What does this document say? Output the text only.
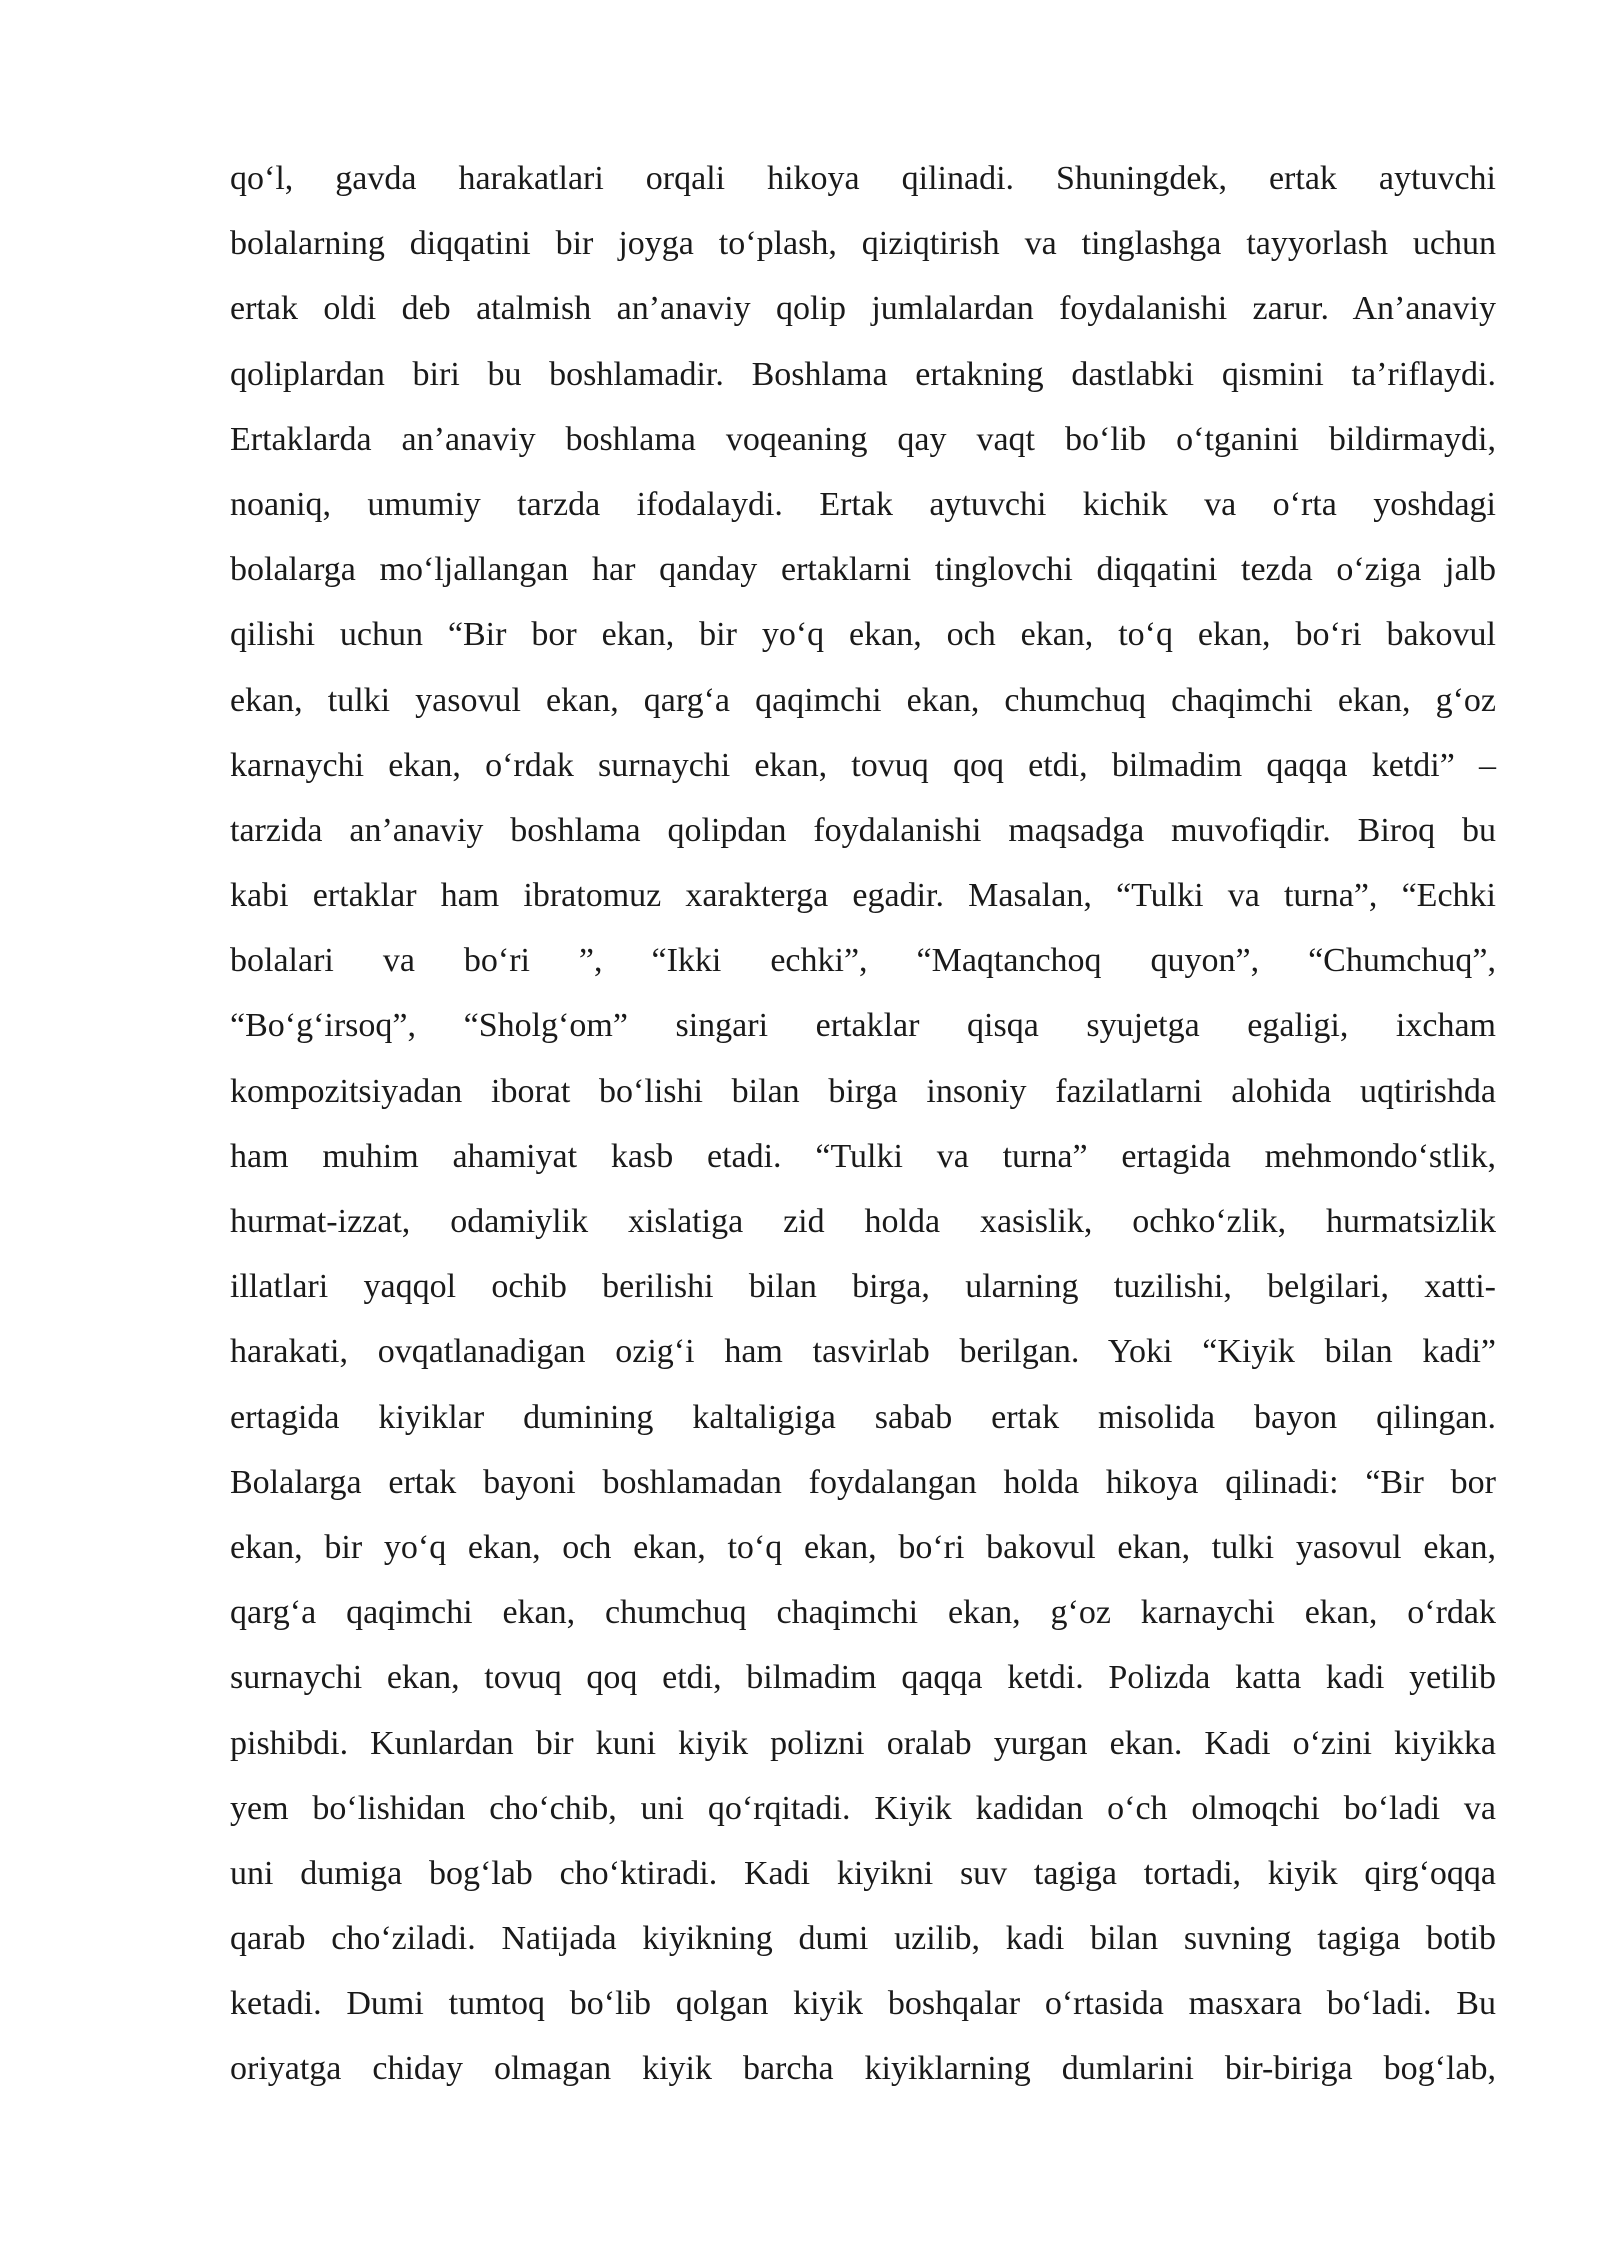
qo‘l, gavda harakatlari orqali hikoya qilinadi. Shuningdek, ertak aytuvchi
bolalarning diqqatini bir joyga to‘plash, qiziqtirish va tinglashga tayyorlash uchun
ertak oldi deb atalmish an’anaviy qolip jumlalardan foydalanishi zarur. An’anaviy
qoliplardan biri bu boshlamadir. Boshlama ertakning dastlabki qismini ta’riflaydi.
Ertaklarda an’anaviy boshlama voqeaning qay vaqt bo‘lib o‘tganini bildirmaydi,
noaniq, umumiy tarzda ifodalaydi. Ertak aytuvchi kichik va o‘rta yoshdagi
bolalarga mo‘ljallangan har qanday ertaklarni tinglovchi diqqatini tezda o‘ziga jalb
qilishi uchun “Bir bor ekan, bir yo‘q ekan, och ekan, to‘q ekan, bo‘ri bakovul
ekan, tulki yasovul ekan, qarg‘a qaqimchi ekan, chumchuq chaqimchi ekan, g‘oz
karnaychi ekan, o‘rdak surnaychi ekan, tovuq qoq etdi, bilmadim qaqqa ketdi” –
tarzida an’anaviy boshlama qolipdan foydalanishi maqsadga muvofiqdir. Biroq bu
kabi ertaklar ham ibratomuz xarakterga egadir. Masalan, “Tulki va turna”, “Echki
bolalari va bo‘ri ”, “Ikki echki”, “Maqtanchoq quyon”, “Chumchuq”,
“Bo‘g‘irsoq”, “Sholg‘om” singari ertaklar qisqa syujetga egaligi, ixcham
kompozitsiyadan iborat bo‘lishi bilan birga insoniy fazilatlarni alohida uqtirishda
ham muhim ahamiyat kasb etadi. “Tulki va turna” ertagida mehmondo‘stlik,
hurmat-izzat, odamiylik xislatiga zid holda xasislik, ochko‘zlik, hurmatsizlik
illatlari yaqqol ochib berilishi bilan birga, ularning tuzilishi, belgilari, xatti-
harakati, ovqatlanadigan ozig‘i ham tasvirlab berilgan. Yoki “Kiyik bilan kadi”
ertagida kiyiklar dumining kaltaligiga sabab ertak misolida bayon qilingan.
Bolalarga ertak bayoni boshlamadan foydalangan holda hikoya qilinadi: “Bir bor
ekan, bir yo‘q ekan, och ekan, to‘q ekan, bo‘ri bakovul ekan, tulki yasovul ekan,
qarg‘a qaqimchi ekan, chumchuq chaqimchi ekan, g‘oz karnaychi ekan, o‘rdak
surnaychi ekan, tovuq qoq etdi, bilmadim qaqqa ketdi. Polizda katta kadi yetilib
pishibdi. Kunlardan bir kuni kiyik polizni oralab yurgan ekan. Kadi o‘zini kiyikka
yem bo‘lishidan cho‘chib, uni qo‘rqitadi. Kiyik kadidan o‘ch olmoqchi bo‘ladi va
uni dumiga bog‘lab cho‘ktiradi. Kadi kiyikni suv tagiga tortadi, kiyik qirg‘oqqa
qarab cho‘ziladi. Natijada kiyikning dumi uzilib, kadi bilan suvning tagiga botib
ketadi. Dumi tumtoq bo‘lib qolgan kiyik boshqalar o‘rtasida masxara bo‘ladi. Bu
oriyatga chiday olmagan kiyik barcha kiyiklarning dumlarini bir-biriga bog‘lab,
